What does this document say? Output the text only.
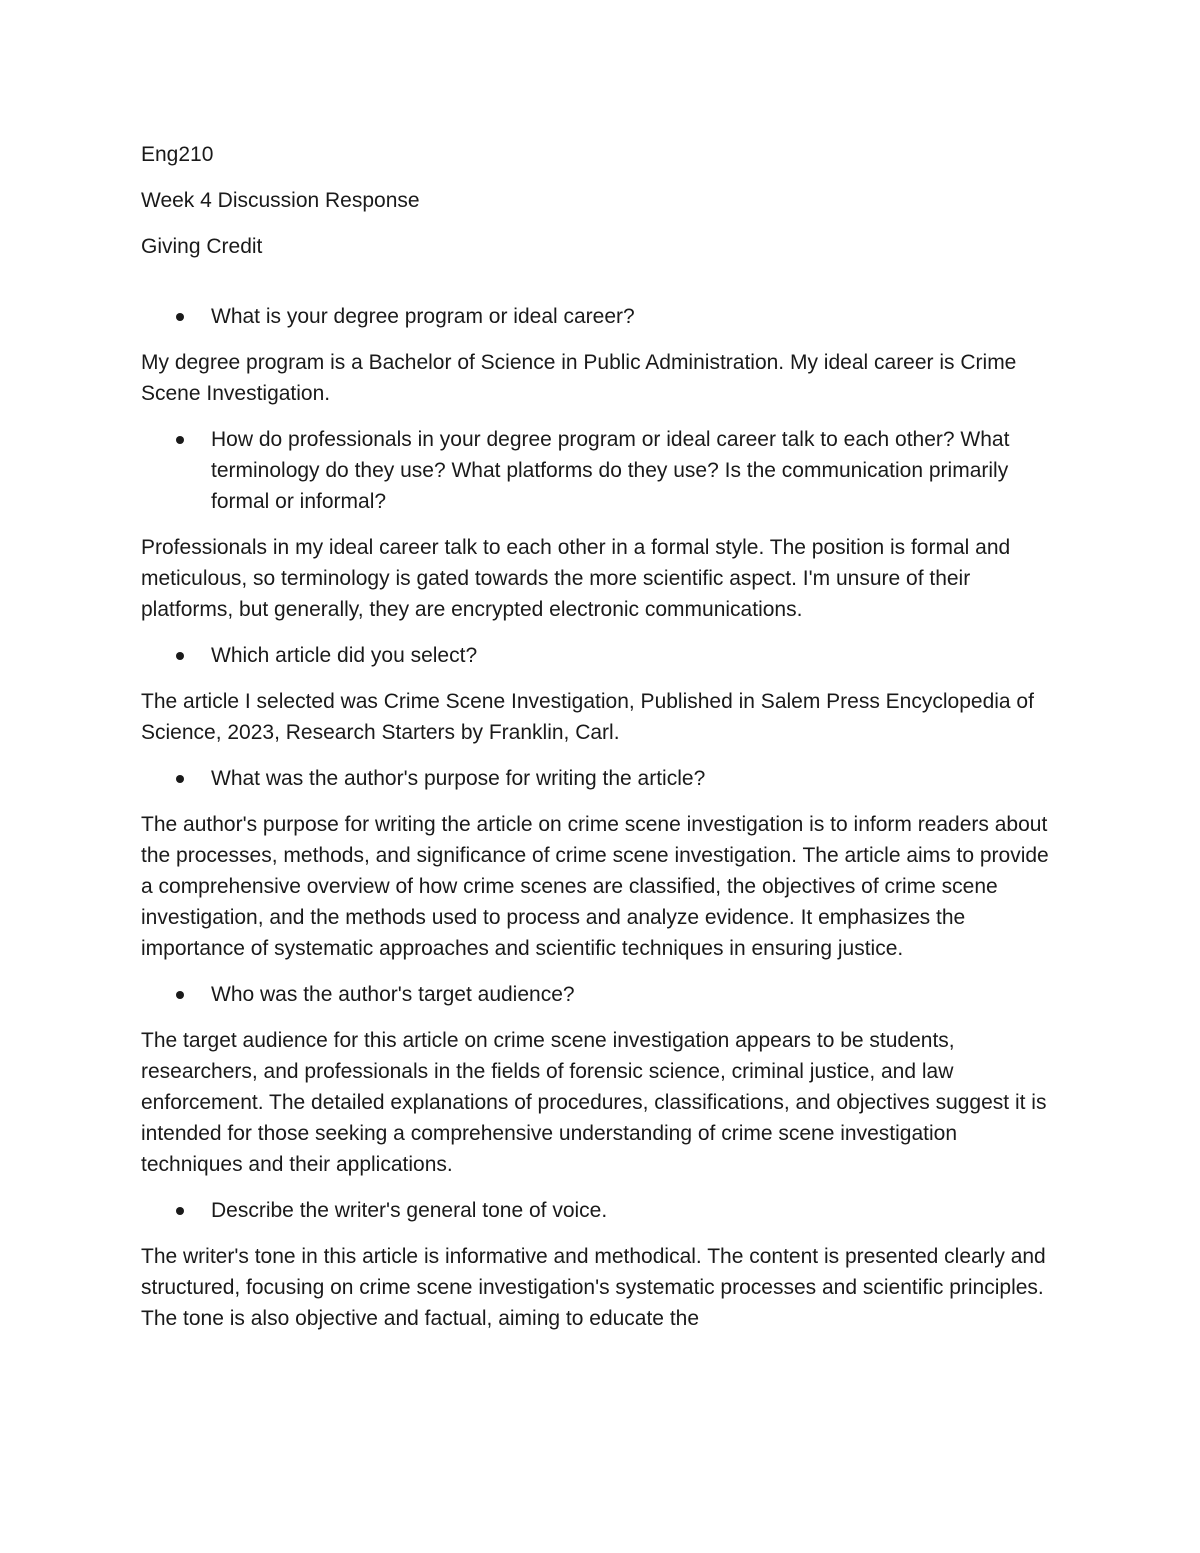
Eng210
Week 4 Discussion Response
Giving Credit
What is your degree program or ideal career?
My degree program is a Bachelor of Science in Public Administration. My ideal career is Crime Scene Investigation.
How do professionals in your degree program or ideal career talk to each other? What terminology do they use? What platforms do they use? Is the communication primarily formal or informal?
Professionals in my ideal career talk to each other in a formal style. The position is formal and meticulous, so terminology is gated towards the more scientific aspect. I'm unsure of their platforms, but generally, they are encrypted electronic communications.
Which article did you select?
The article I selected was Crime Scene Investigation, Published in Salem Press Encyclopedia of Science, 2023, Research Starters by Franklin, Carl.
What was the author's purpose for writing the article?
The author's purpose for writing the article on crime scene investigation is to inform readers about the processes, methods, and significance of crime scene investigation. The article aims to provide a comprehensive overview of how crime scenes are classified, the objectives of crime scene investigation, and the methods used to process and analyze evidence. It emphasizes the importance of systematic approaches and scientific techniques in ensuring justice.
Who was the author's target audience?
The target audience for this article on crime scene investigation appears to be students, researchers, and professionals in the fields of forensic science, criminal justice, and law enforcement. The detailed explanations of procedures, classifications, and objectives suggest it is intended for those seeking a comprehensive understanding of crime scene investigation techniques and their applications.
Describe the writer's general tone of voice.
The writer's tone in this article is informative and methodical. The content is presented clearly and structured, focusing on crime scene investigation's systematic processes and scientific principles. The tone is also objective and factual, aiming to educate the
